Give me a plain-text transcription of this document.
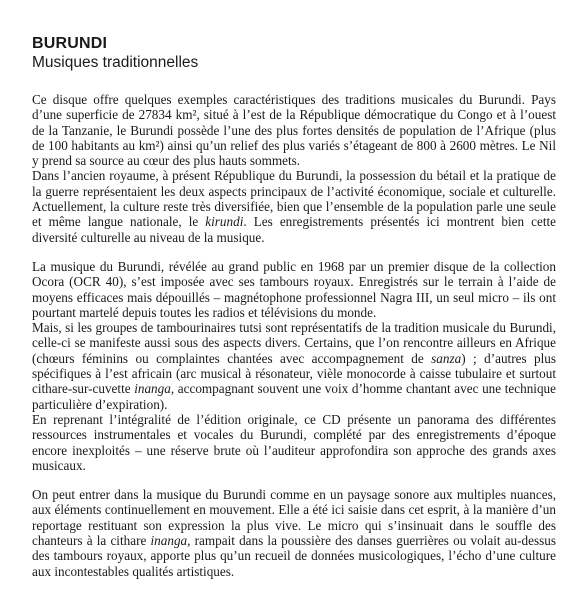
BURUNDI
Musiques traditionnelles

Ce disque offre quelques exemples caractéristiques des traditions musicales du Burundi. Pays d’une superficie de 27834 km², situé à l’est de la République démocratique du Congo et à l’ouest de la Tanzanie, le Burundi possède l’une des plus fortes densités de population de l’Afrique (plus de 100 habitants au km²) ainsi qu’un relief des plus variés s’étageant de 800 à 2600 mètres. Le Nil y prend sa source au cœur des plus hauts sommets.

Dans l’ancien royaume, à présent République du Burundi, la possession du bétail et la pratique de la guerre représentaient les deux aspects principaux de l’activité économique, sociale et culturelle. Actuellement, la culture reste très diversifiée, bien que l’ensemble de la population parle une seule et même langue nationale, le kirundi. Les enregistrements présentés ici montrent bien cette diversité culturelle au niveau de la musique.

La musique du Burundi, révélée au grand public en 1968 par un premier disque de la collection Ocora (OCR 40), s’est imposée avec ses tambours royaux. Enregistrés sur le terrain à l’aide de moyens efficaces mais dépouillés – magnétophone professionnel Nagra III, un seul micro – ils ont pourtant martelé depuis toutes les radios et télévisions du monde.

Mais, si les groupes de tambourinaires tutsi sont représentatifs de la tradition musicale du Burundi, celle-ci se manifeste aussi sous des aspects divers. Certains, que l’on rencontre ailleurs en Afrique (chœurs féminins ou complaintes chantées avec accompagnement de sanza) ; d’autres plus spécifiques à l’est africain (arc musical à résonateur, vièle monocorde à caisse tubulaire et surtout cithare-sur-cuvette inanga, accompagnant souvent une voix d’homme chantant avec une technique particulière d’expiration).

En reprenant l’intégralité de l’édition originale, ce CD présente un panorama des différentes ressources instrumentales et vocales du Burundi, complété par des enregistrements d’époque encore inexploités – une réserve brute où l’auditeur approfondira son approche des grands axes musicaux.

On peut entrer dans la musique du Burundi comme en un paysage sonore aux multiples nuances, aux éléments continuellement en mouvement. Elle a été ici saisie dans cet esprit, à la manière d’un reportage restituant son expression la plus vive. Le micro qui s’insinuait dans le souffle des chanteurs à la cithare inanga, rampait dans la poussière des danses guerrières ou volait au-dessus des tambours royaux, apporte plus qu’un recueil de données musicologiques, l’écho d’une culture aux incontestables qualités artistiques.
